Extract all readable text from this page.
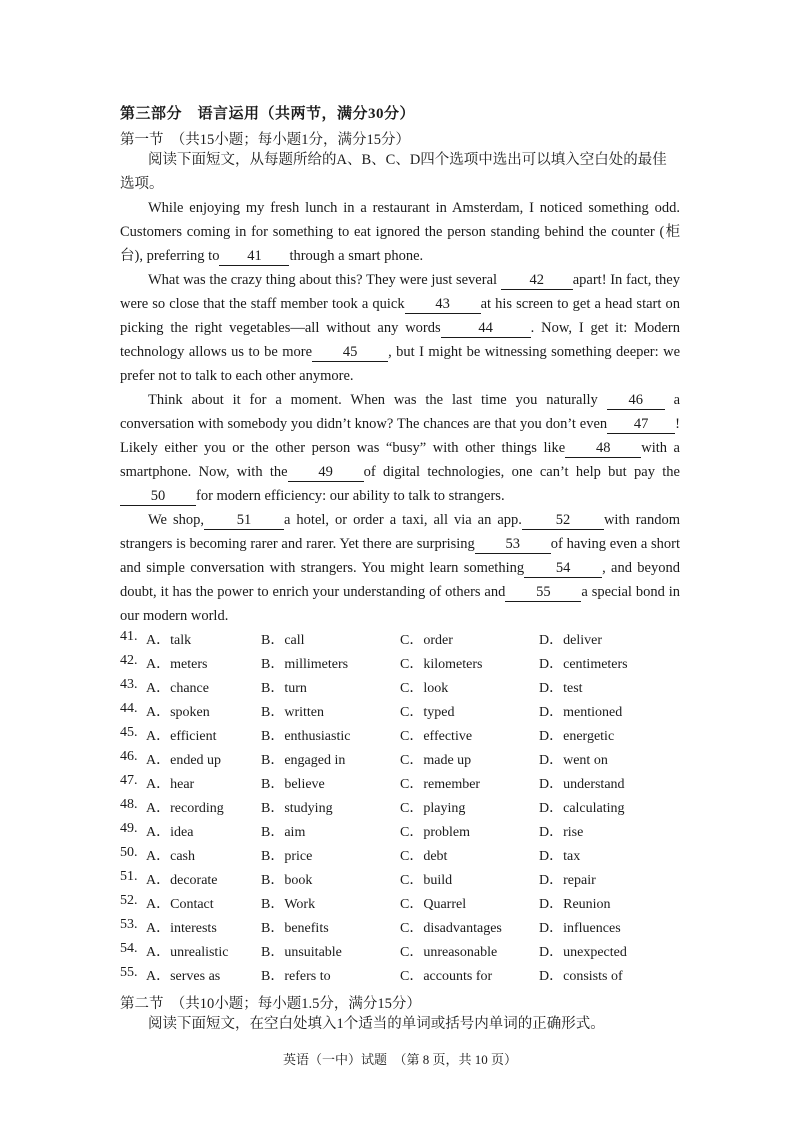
第三部分　语言运用（共两节，满分30分）
第一节　（共15小题；每小题1分，满分15分）
阅读下面短文，从每题所给的A、B、C、D四个选项中选出可以填入空白处的最佳选项。

While enjoying my fresh lunch in a restaurant in Amsterdam, I noticed something odd. Customers coming in for something to eat ignored the person standing behind the counter (柜台), preferring to 41 through a smart phone.

What was the crazy thing about this? They were just several 42 apart! In fact, they were so close that the staff member took a quick 43 at his screen to get a head start on picking the right vegetables—all without any words	44	. Now, I get it: Modern technology allows us to be more 45 , but I might be witnessing something deeper: we prefer not to talk to each other anymore.

Think about it for a moment. When was the last time you naturally 46 a conversation with somebody you didn’t know? The chances are that you don’t even 47 ! Likely either you or the other person was “busy” with other things like 48 with a smartphone. Now, with the 49 of digital technologies, one can’t help but pay the50 for modern efficiency: our ability to talk to strangers.

We shop, 51 a hotel, or order a taxi, all via an app. 52 with random strangers is becoming rarer and rarer. Yet there are surprising 53 of having even a short and simple conversation with strangers. You might learn something 54 , and beyond doubt, it has the power to enrich your understanding of others and 55 a special bond in our modern world.

41. A．talk	B．call	C．order	D．deliver
42. A．meters	B．millimeters	C．kilometers	D．centimeters
43. A．chance	B．turn	C．look	D．test
44. A．spoken	B．written	C．typed	D．mentioned
45. A．efficient	B．enthusiastic	C．effective	D．energetic
46. A．ended up	B．engaged in	C．made up	D．went on
47. A．hear	B．believe	C．remember	D．understand
48. A．recording	B．studying	C．playing	D．calculating
49. A．idea	B．aim	C．problem	D．rise
50. A．cash	B．price	C．debt	D．tax
51. A．decorate	B．book	C．build	D．repair
52. A．Contact	B．Work	C．Quarrel	D．Reunion
53. A．interests	B．benefits	C．disadvantages	D．influences
54. A．unrealistic B．unsuitable	C．unreasonable	D．unexpected
55. A．serves as	B．refers to	C．accounts for	D．consists of
第二节　（共10小题；每小题1.5分，满分15分）
阅读下面短文，在空白处填入1个适当的单词或括号内单词的正确形式。
英语（一中）试题　（第 8 页，共 10 页）
